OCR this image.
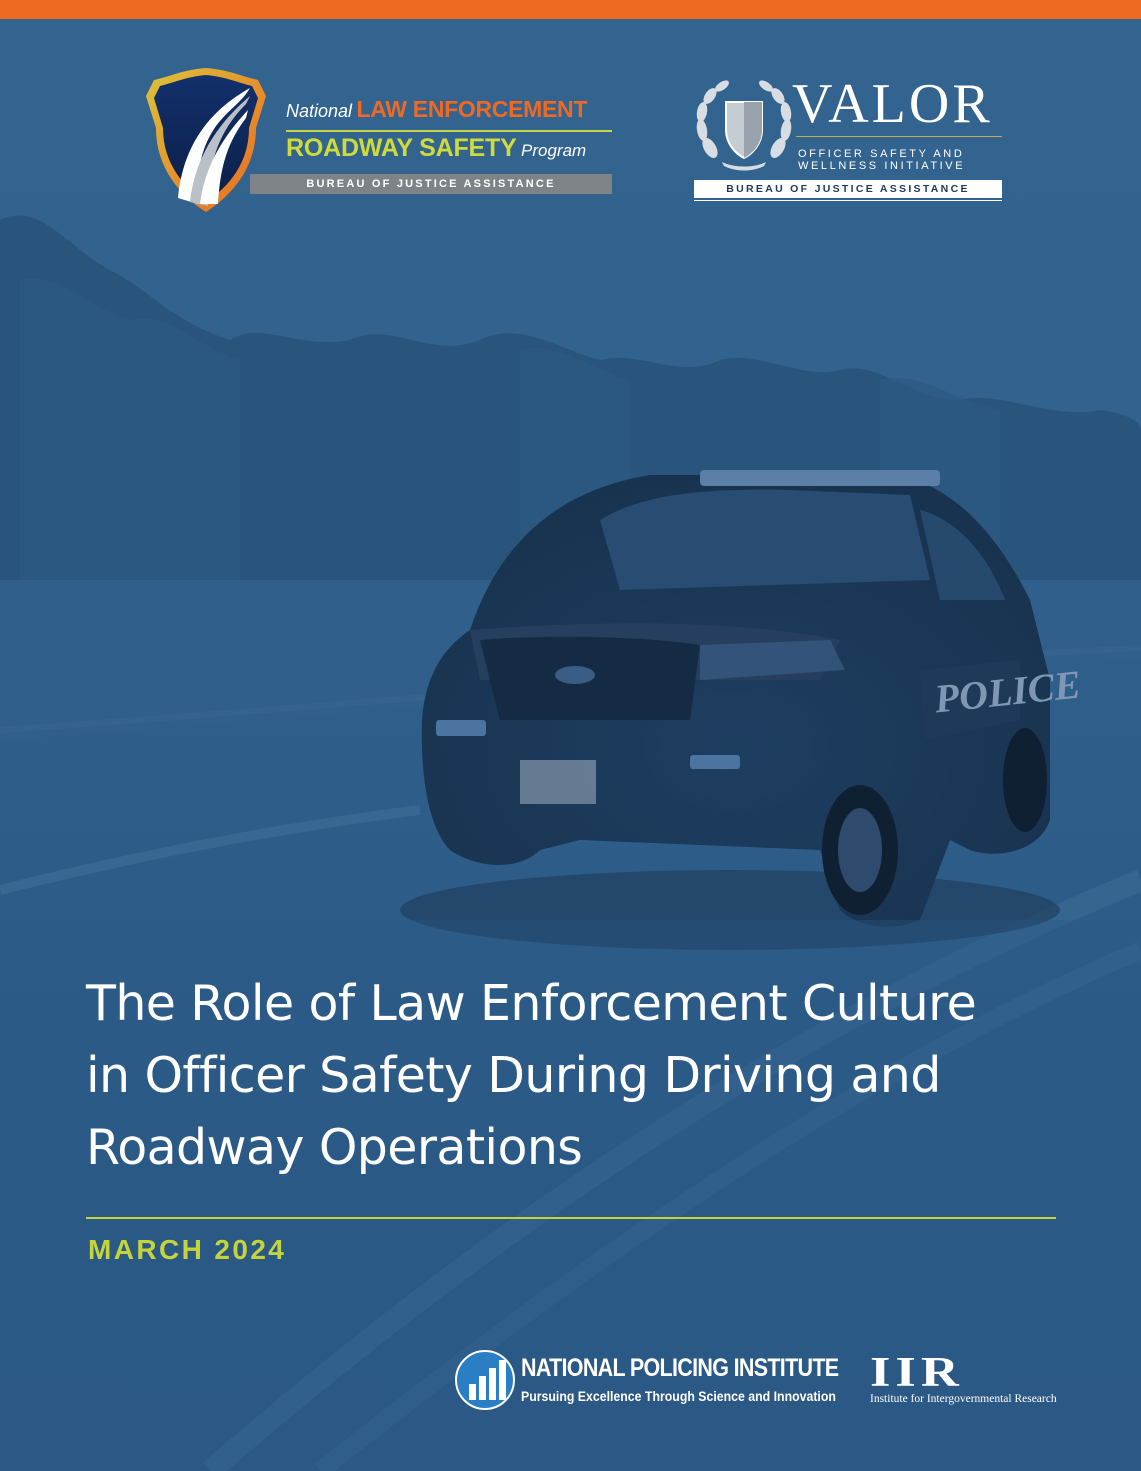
POLICE
National LAW ENFORCEMENT
ROADWAY SAFETY Program
BUREAU OF JUSTICE ASSISTANCE
VALOR
OFFICER SAFETY AND
WELLNESS INITIATIVE
BUREAU OF JUSTICE ASSISTANCE
The Role of Law Enforcement Culture
in Officer Safety During Driving and
Roadway Operations
MARCH 2024
NATIONAL POLICING INSTITUTE
Pursuing Excellence Through Science and Innovation IIR
Institute for Intergovernmental Research
